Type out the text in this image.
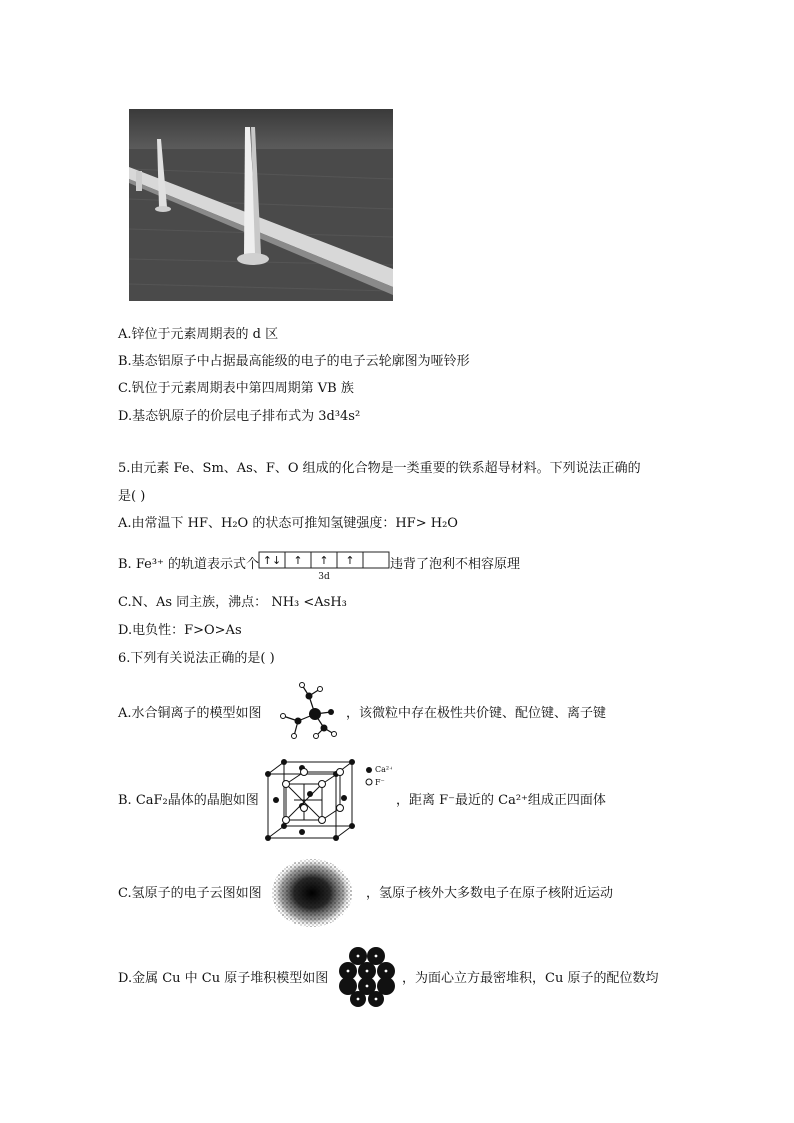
A.锌位于元素周期表的 d 区
B.基态铝原子中占据最高能级的电子的电子云轮廓图为哑铃形
C.钒位于元素周期表中第四周期第 ⅤB 族
D.基态钒原子的价层电子排布式为 3d³4s²
5.由元素 Fe、Sm、As、F、O 组成的化合物是一类重要的铁系超导材料。下列说法正确的
是( )
A.由常温下 HF、H₂O 的状态可推知氢键强度：HF> H₂O
B. Fe³⁺ 的轨道表示式个 ↑↓ ↑ ↑ ↑
3d
违背了泡利不相容原理
C.N、As 同主族，沸点： NH₃ <AsH₃
D.电负性：F>O>As
6.下列有关说法正确的是( )
A.水合铜离子的模型如图	，该微粒中存在极性共价键、配位键、离子键
B. CaF₂晶体的晶胞如图
Ca²⁺
F⁻
，距离 F⁻最近的 Ca²⁺组成正四面体
C.氢原子的电子云图如图	，氢原子核外大多数电子在原子核附近运动
D.金属 Cu 中 Cu 原子堆积模型如图	，为面心立方最密堆积，Cu 原子的配位数均
